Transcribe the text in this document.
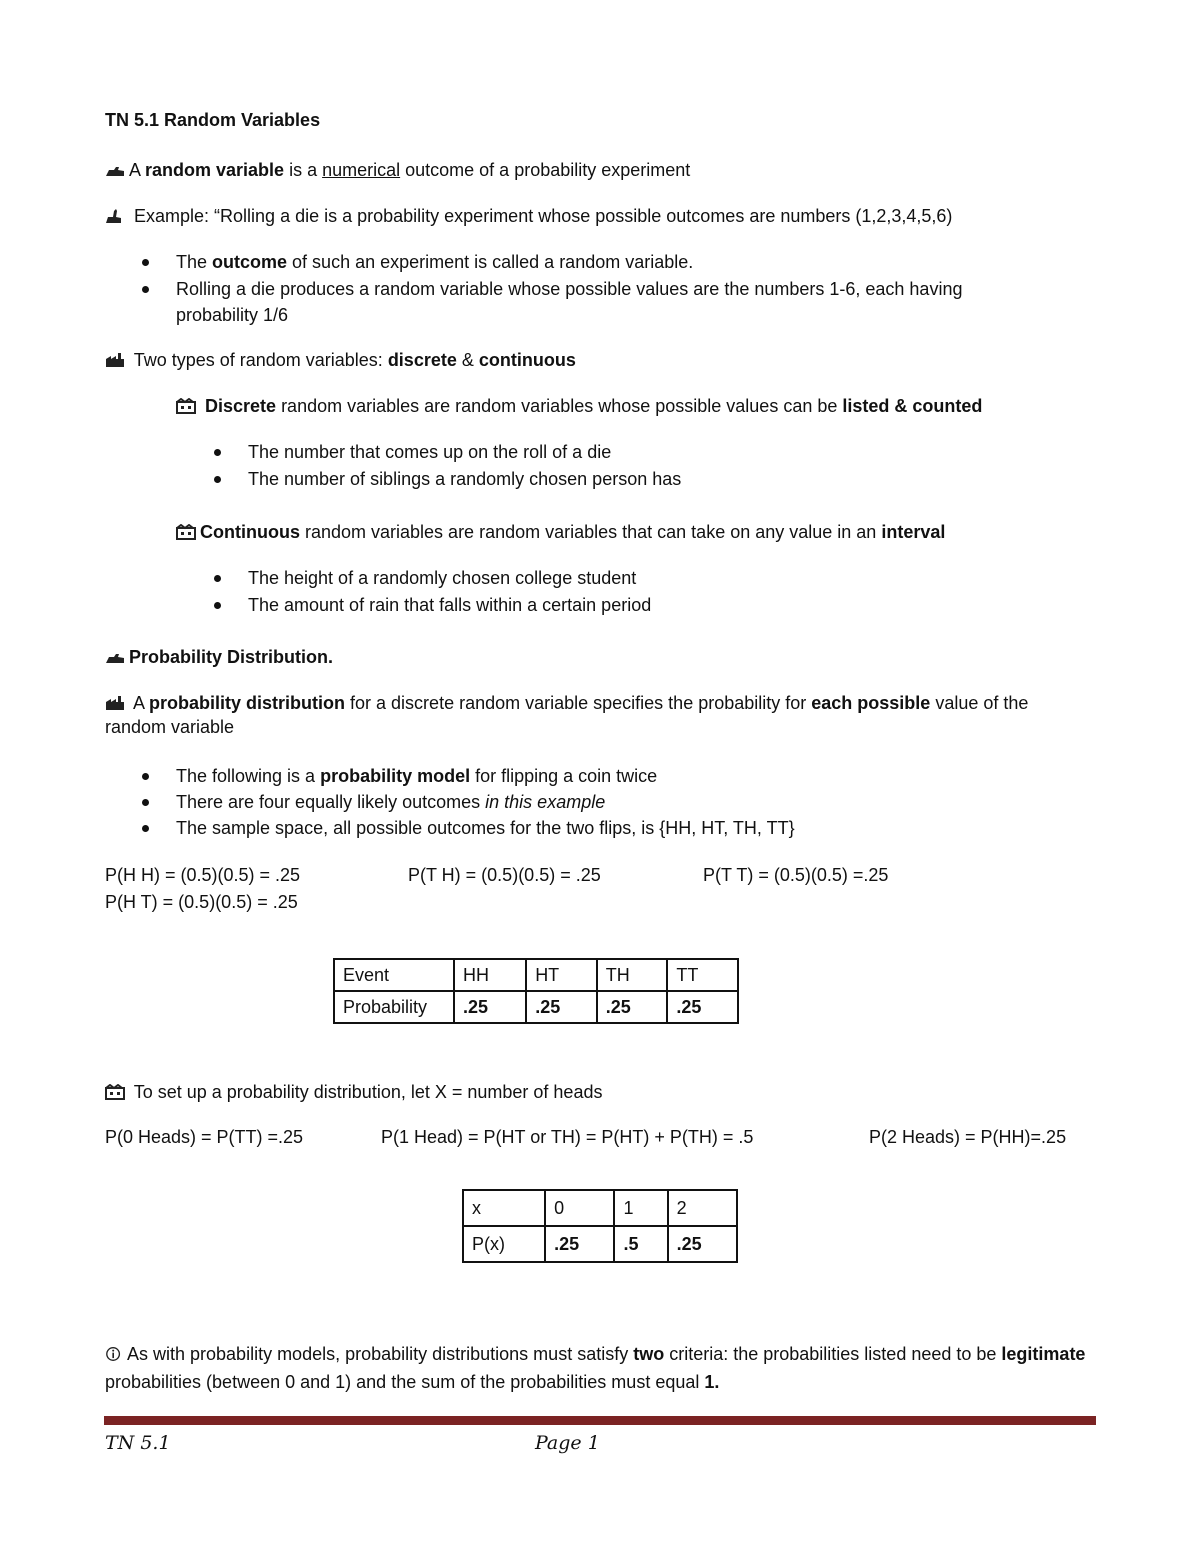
TN 5.1 Random Variables
A random variable is a numerical outcome of a probability experiment
Example: “Rolling a die is a probability experiment whose possible outcomes are numbers (1,2,3,4,5,6)
The outcome of such an experiment is called a random variable.
Rolling a die produces a random variable whose possible values are the numbers 1-6, each having probability 1/6
Two types of random variables: discrete & continuous
Discrete random variables are random variables whose possible values can be listed & counted
The number that comes up on the roll of a die
The number of siblings a randomly chosen person has
Continuous random variables are random variables that can take on any value in an interval
The height of a randomly chosen college student
The amount of rain that falls within a certain period
Probability Distribution.
A probability distribution for a discrete random variable specifies the probability for each possible value of the random variable
The following is a probability model for flipping a coin twice
There are four equally likely outcomes in this example
The sample space, all possible outcomes for the two flips, is {HH, HT, TH, TT}
P(H H) = (0.5)(0.5) = .25	P(T H) = (0.5)(0.5) = .25	P(T T) = (0.5)(0.5) =.25
P(H T) = (0.5)(0.5) = .25
Event	HH	HT	TH	TT
Probability	.25	.25	.25	.25
To set up a probability distribution, let X = number of heads
P(0 Heads) = P(TT) =.25	P(1 Head) = P(HT or TH) = P(HT) + P(TH) = .5	P(2 Heads) = P(HH)=.25
x	0	1	2
P(x)	.25	.5	.25
As with probability models, probability distributions must satisfy two criteria: the probabilities listed need to be legitimate probabilities (between 0 and 1) and the sum of the probabilities must equal 1.
TN 5.1	Page 1
